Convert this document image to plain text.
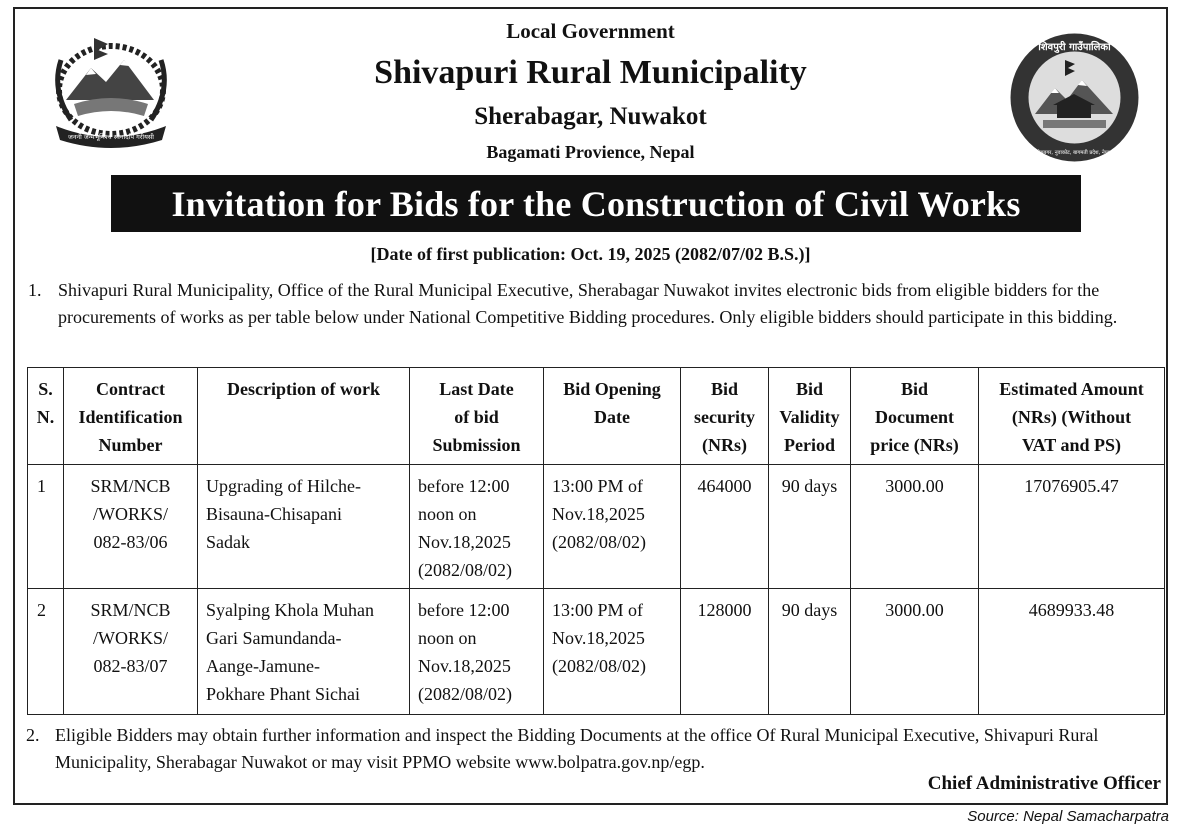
जननी जन्मभूमिश्च स्वर्गादपि गरीयसी
शिवपुरी गाउँपालिका
शेराबगर, नुवाकोट, बागमती प्रदेश, नेपाल
Local Government
Shivapuri Rural Municipality
Sherabagar, Nuwakot
Bagamati Provience, Nepal
Invitation for Bids for the Construction of Civil Works
[Date of first publication: Oct. 19, 2025 (2082/07/02 B.S.)]
1. Shivapuri Rural Municipality, Office of the Rural Municipal Executive, Sherabagar Nuwakot invites electronic bids from eligible bidders for the procurements of works as per table below under National Competitive Bidding procedures. Only eligible bidders should participate in this bidding.
S.
N.	Contract
Identification
Number	Description of work	Last Date
of bid
Submission	Bid Opening
Date	Bid
security
(NRs)	Bid
Validity
Period	Bid
Document
price (NRs)	Estimated Amount
(NRs) (Without
VAT and PS)
1	SRM/NCB
/WORKS/
082-83/06	Upgrading of Hilche-
Bisauna-Chisapani
Sadak	before 12:00
noon on
Nov.18,2025
(2082/08/02)	13:00 PM of
Nov.18,2025
(2082/08/02)	464000	90 days	3000.00	17076905.47
2	SRM/NCB
/WORKS/
082-83/07	Syalping Khola Muhan
Gari Samundanda-
Aange-Jamune-
Pokhare Phant Sichai	before 12:00
noon on
Nov.18,2025
(2082/08/02)	13:00 PM of
Nov.18,2025
(2082/08/02)	128000	90 days	3000.00	4689933.48
2. Eligible Bidders may obtain further information and inspect the Bidding Documents at the office Of Rural Municipal Executive, Shivapuri Rural Municipality, Sherabagar Nuwakot or may visit PPMO website www.bolpatra.gov.np/egp.
Chief Administrative Officer
Source: Nepal Samacharpatra
